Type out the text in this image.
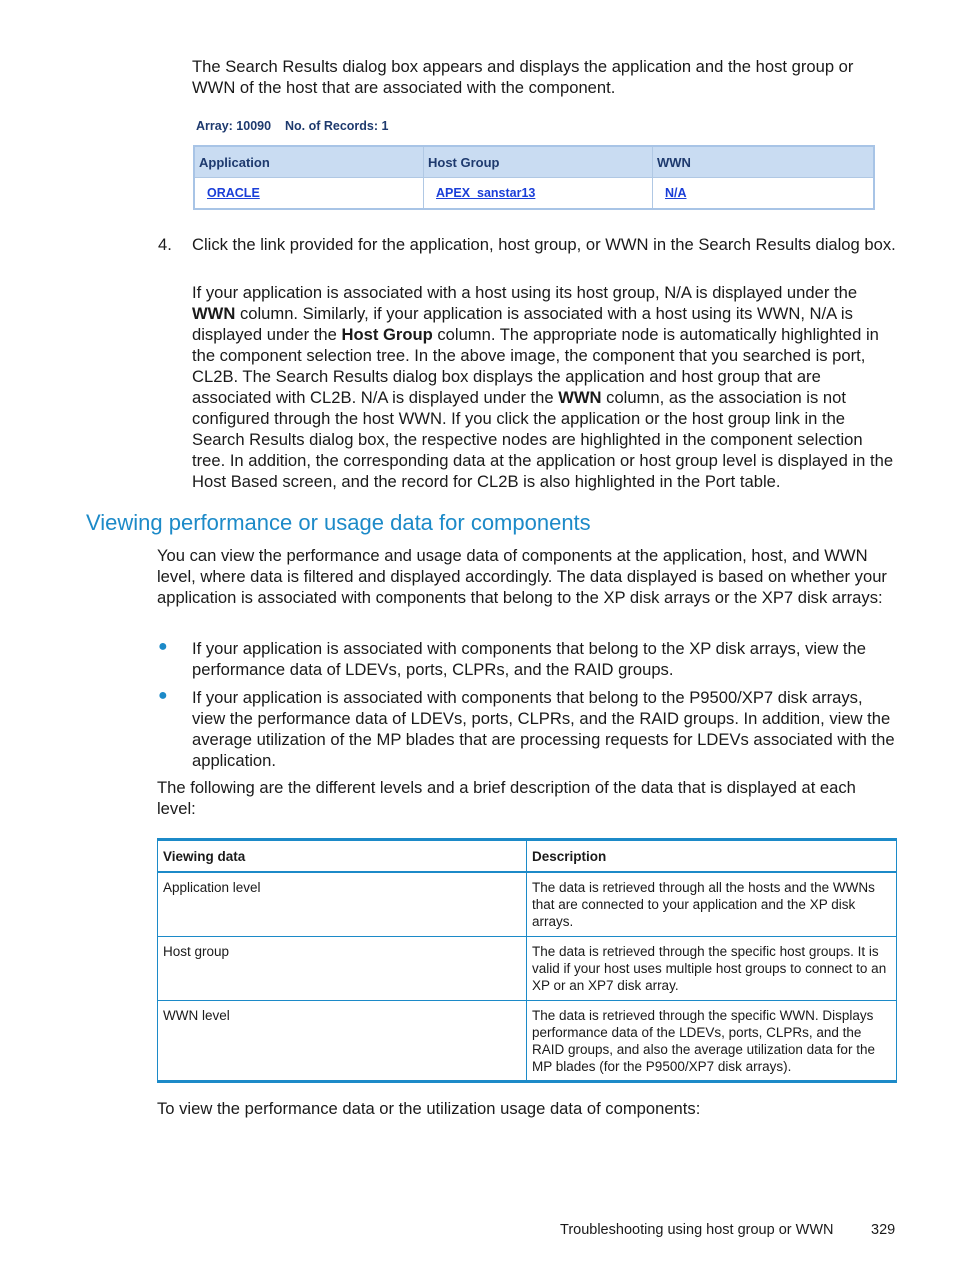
The Search Results dialog box appears and displays the application and the host group or WWN of the host that are associated with the component.

Array: 10090 No. of Records: 1
Application	Host Group	WWN
ORACLE	APEX_sanstar13	N/A
4. Click the link provided for the application, host group, or WWN in the Search Results dialog box.

If your application is associated with a host using its host group, N/A is displayed under the WWN column. Similarly, if your application is associated with a host using its WWN, N/A is displayed under the Host Group column. The appropriate node is automatically highlighted in the component selection tree. In the above image, the component that you searched is port, CL2B. The Search Results dialog box displays the application and host group that are associated with CL2B. N/A is displayed under the WWN column, as the association is not configured through the host WWN. If you click the application or the host group link in the Search Results dialog box, the respective nodes are highlighted in the component selection tree. In addition, the corresponding data at the application or host group level is displayed in the Host Based screen, and the record for CL2B is also highlighted in the Port table.

Viewing performance or usage data for components

You can view the performance and usage data of components at the application, host, and WWN level, where data is filtered and displayed accordingly. The data displayed is based on whether your application is associated with components that belong to the XP disk arrays or the XP7 disk arrays:

● If your application is associated with components that belong to the XP disk arrays, view the performance data of LDEVs, ports, CLPRs, and the RAID groups.

● If your application is associated with components that belong to the P9500/XP7 disk arrays, view the performance data of LDEVs, ports, CLPRs, and the RAID groups. In addition, view the average utilization of the MP blades that are processing requests for LDEVs associated with the application.

The following are the different levels and a brief description of the data that is displayed at each level:

Viewing data	Description
Application level	The data is retrieved through all the hosts and the WWNs that are connected to your application and the XP disk arrays.
Host group	The data is retrieved through the specific host groups. It is valid if your host uses multiple host groups to connect to an XP or an XP7 disk array.
WWN level	The data is retrieved through the specific WWN. Displays performance data of the LDEVs, ports, CLPRs, and the RAID groups, and also the average utilization data for the MP blades (for the P9500/XP7 disk arrays).

To view the performance data or the utilization usage data of components:

Troubleshooting using host group or WWN	329
